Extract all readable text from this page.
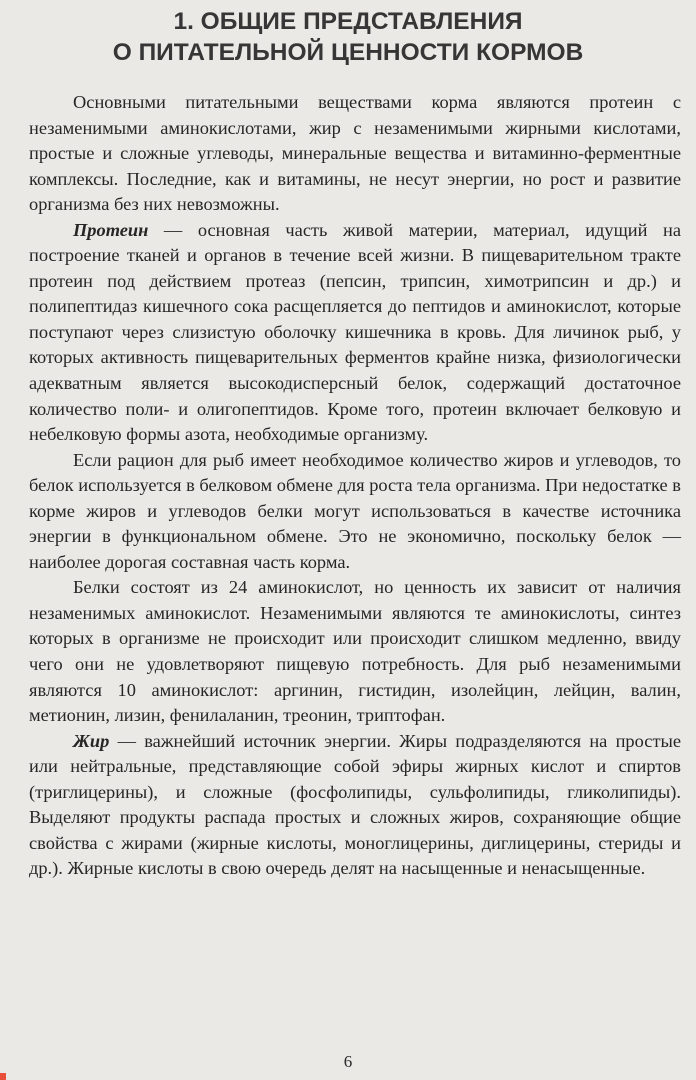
1. ОБЩИЕ ПРЕДСТАВЛЕНИЯ
О ПИТАТЕЛЬНОЙ ЦЕННОСТИ КОРМОВ

Основными питательными веществами корма являются протеин с незаменимыми аминокислотами, жир с незаменимыми жирными кислотами, простые и сложные углеводы, минеральные вещества и витаминно-ферментные комплексы. Последние, как и витамины, не несут энергии, но рост и развитие организма без них невозможны.

Протеин — основная часть живой материи, материал, идущий на построение тканей и органов в течение всей жизни. В пищеварительном тракте протеин под действием протеаз (пепсин, трипсин, химотрипсин и др.) и полипептидаз кишечного сока расщепляется до пептидов и аминокислот, которые поступают через слизистую оболочку кишечника в кровь. Для личинок рыб, у которых активность пищеварительных ферментов крайне низка, физиологически адекватным является высокодисперсный белок, содержащий достаточное количество поли- и олигопептидов. Кроме того, протеин включает белковую и небелковую формы азота, необходимые организму.

Если рацион для рыб имеет необходимое количество жиров и углеводов, то белок используется в белковом обмене для роста тела организма. При недостатке в корме жиров и углеводов белки могут использоваться в качестве источника энергии в функциональном обмене. Это не экономично, поскольку белок — наиболее дорогая составная часть корма.

Белки состоят из 24 аминокислот, но ценность их зависит от наличия незаменимых аминокислот. Незаменимыми являются те аминокислоты, синтез которых в организме не происходит или происходит слишком медленно, ввиду чего они не удовлетворяют пищевую потребность. Для рыб незаменимыми являются 10 аминокислот: аргинин, гистидин, изолейцин, лейцин, валин, метионин, лизин, фенилаланин, треонин, триптофан.

Жир — важнейший источник энергии. Жиры подразделяются на простые или нейтральные, представляющие собой эфиры жирных кислот и спиртов (триглицерины), и сложные (фосфолипиды, сульфолипиды, гликолипиды). Выделяют продукты распада простых и сложных жиров, сохраняющие общие свойства с жирами (жирные кислоты, моноглицерины, диглицерины, стериды и др.). Жирные кислоты в свою очередь делят на насыщенные и ненасыщенные.

6
